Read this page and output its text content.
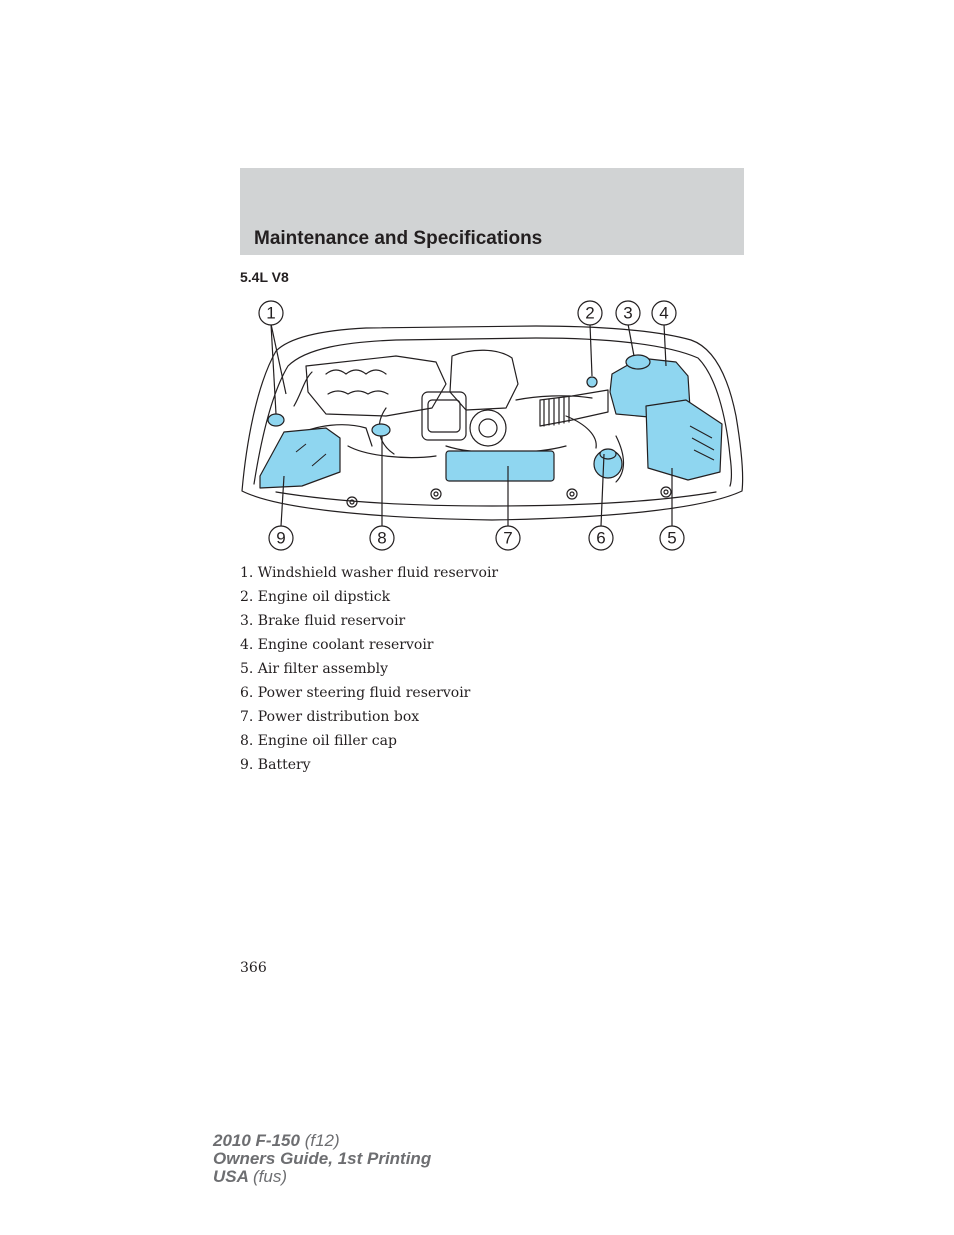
Maintenance and Specifications
5.4L V8
1	2 3 4
5
6
7
8
9
1. Windshield washer fluid reservoir
2. Engine oil dipstick
3. Brake fluid reservoir
4. Engine coolant reservoir
5. Air filter assembly
6. Power steering fluid reservoir
7. Power distribution box
8. Engine oil filler cap
9. Battery
366
2010 F-150 (f12)
Owners Guide, 1st Printing
USA (fus)
